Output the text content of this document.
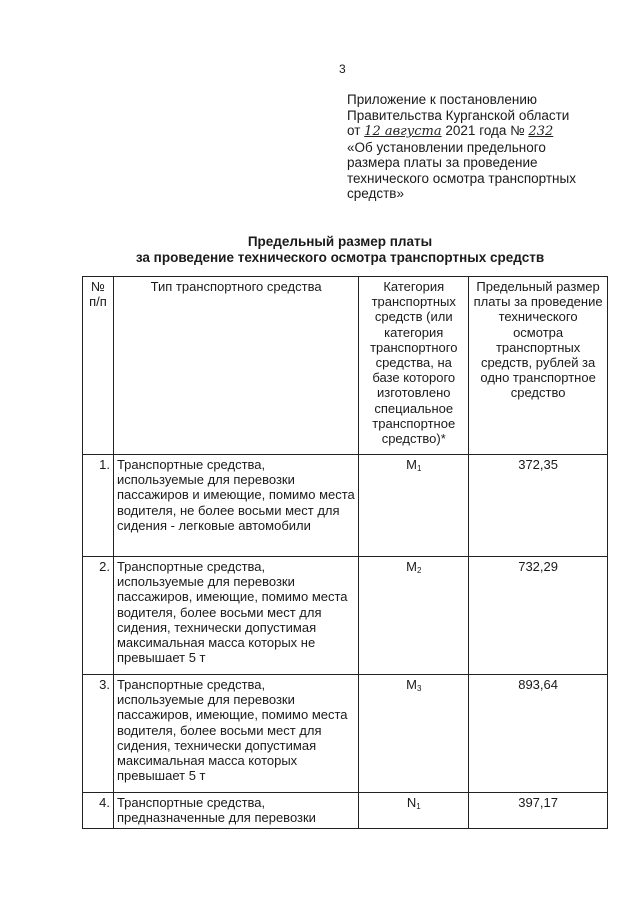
3
Приложение к постановлению
Правительства Курганской области
от 12 августа 2021 года № 232
«Об установлении предельного
размера платы за проведение
технического осмотра транспортных
средств»
Предельный размер платы
за проведение технического осмотра транспортных средств
№ п/п	Тип транспортного средства	Категория транспортных средств (или категория транспортного средства, на базе которого изготовлено специальное транспортное средство)*	Предельный размер платы за проведение технического осмотра транспортных средств, рублей за одно транспортное средство
1.	Транспортные средства, используемые для перевозки пассажиров и имеющие, помимо места водителя, не более восьми мест для сидения - легковые автомобили	$M_1$	372,35
2.	Транспортные средства, используемые для перевозки пассажиров, имеющие, помимо места водителя, более восьми мест для сидения, технически допустимая максимальная масса которых не превышает 5 т	$M_2$	732,29
3.	Транспортные средства, используемые для перевозки пассажиров, имеющие, помимо места водителя, более восьми мест для сидения, технически допустимая максимальная масса которых превышает 5 т	$M_3$	893,64
4.	Транспортные средства, предназначенные для перевозки	$N_1$	397,17
